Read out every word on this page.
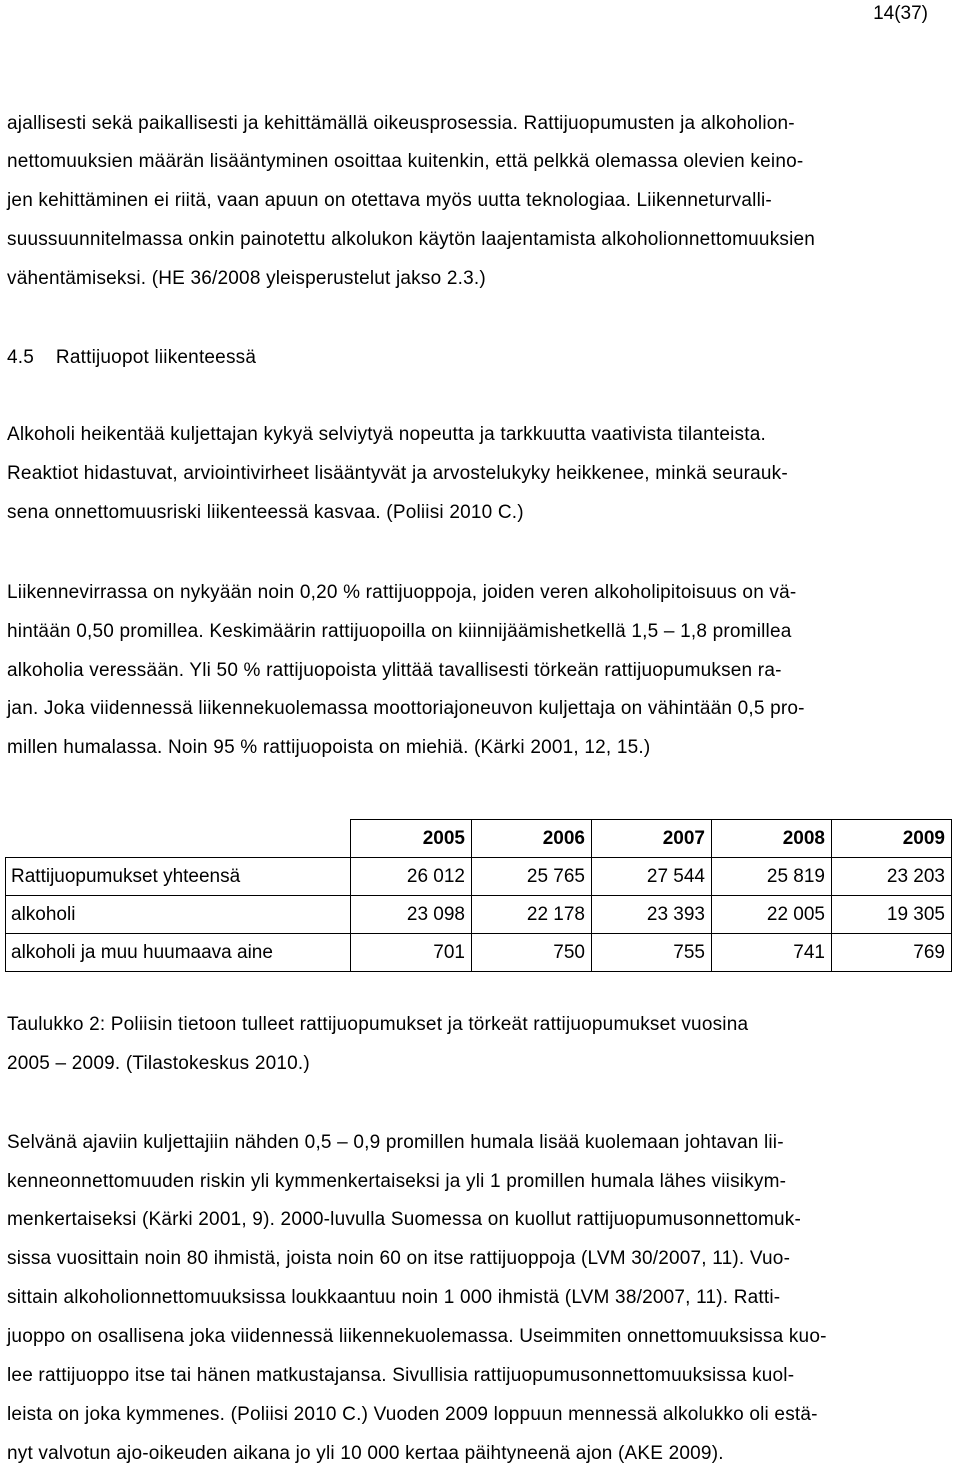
14(37)
ajallisesti sekä paikallisesti ja kehittämällä oikeusprosessia. Rattijuopumusten ja alkoholion-
nettomuuksien määrän lisääntyminen osoittaa kuitenkin, että pelkkä olemassa olevien keino-
jen kehittäminen ei riitä, vaan apuun on otettava myös uutta teknologiaa. Liikenneturvalli-
suussuunnitelmassa onkin painotettu alkolukon käytön laajentamista alkoholionnettomuuksien
vähentämiseksi. (HE 36/2008 yleisperustelut jakso 2.3.)
4.5    Rattijuopot liikenteessä
Alkoholi heikentää kuljettajan kykyä selviytyä nopeutta ja tarkkuutta vaativista tilanteista.
Reaktiot hidastuvat, arviointivirheet lisääntyvät ja arvostelukyky heikkenee, minkä seurauk-
sena onnettomuusriski liikenteessä kasvaa. (Poliisi 2010 C.)
Liikennevirrassa on nykyään noin 0,20 % rattijuoppoja, joiden veren alkoholipitoisuus on vä-
hintään 0,50 promillea. Keskimäärin rattijuopoilla on kiinnijäämishetkellä 1,5 – 1,8 promillea
alkoholia veressään. Yli 50 % rattijuopoista ylittää tavallisesti törkeän rattijuopumuksen ra-
jan. Joka viidennessä liikennekuolemassa moottoriajoneuvon kuljettaja on vähintään 0,5 pro-
millen humalassa. Noin 95 % rattijuopoista on miehiä. (Kärki 2001, 12, 15.)
	2005	2006	2007	2008	2009
Rattijuopumukset yhteensä	26 012	25 765	27 544	25 819	23 203
alkoholi	23 098	22 178	23 393	22 005	19 305
alkoholi ja muu huumaava aine	701	750	755	741	769
Taulukko 2: Poliisin tietoon tulleet rattijuopumukset ja törkeät rattijuopumukset vuosina
2005 – 2009. (Tilastokeskus 2010.)
Selvänä ajaviin kuljettajiin nähden 0,5 – 0,9 promillen humala lisää kuolemaan johtavan lii-
kenneonnettomuuden riskin yli kymmenkertaiseksi ja yli 1 promillen humala lähes viisikym-
menkertaiseksi (Kärki 2001, 9). 2000-luvulla Suomessa on kuollut rattijuopumusonnettomuk-
sissa vuosittain noin 80 ihmistä, joista noin 60 on itse rattijuoppoja (LVM 30/2007, 11). Vuo-
sittain alkoholionnettomuuksissa loukkaantuu noin 1 000 ihmistä (LVM 38/2007, 11). Ratti-
juoppo on osallisena joka viidennessä liikennekuolemassa. Useimmiten onnettomuuksissa kuo-
lee rattijuoppo itse tai hänen matkustajansa. Sivullisia rattijuopumusonnettomuuksissa kuol-
leista on joka kymmenes. (Poliisi 2010 C.) Vuoden 2009 loppuun mennessä alkolukko oli estä-
nyt valvotun ajo-oikeuden aikana jo yli 10 000 kertaa päihtyneenä ajon (AKE 2009).
